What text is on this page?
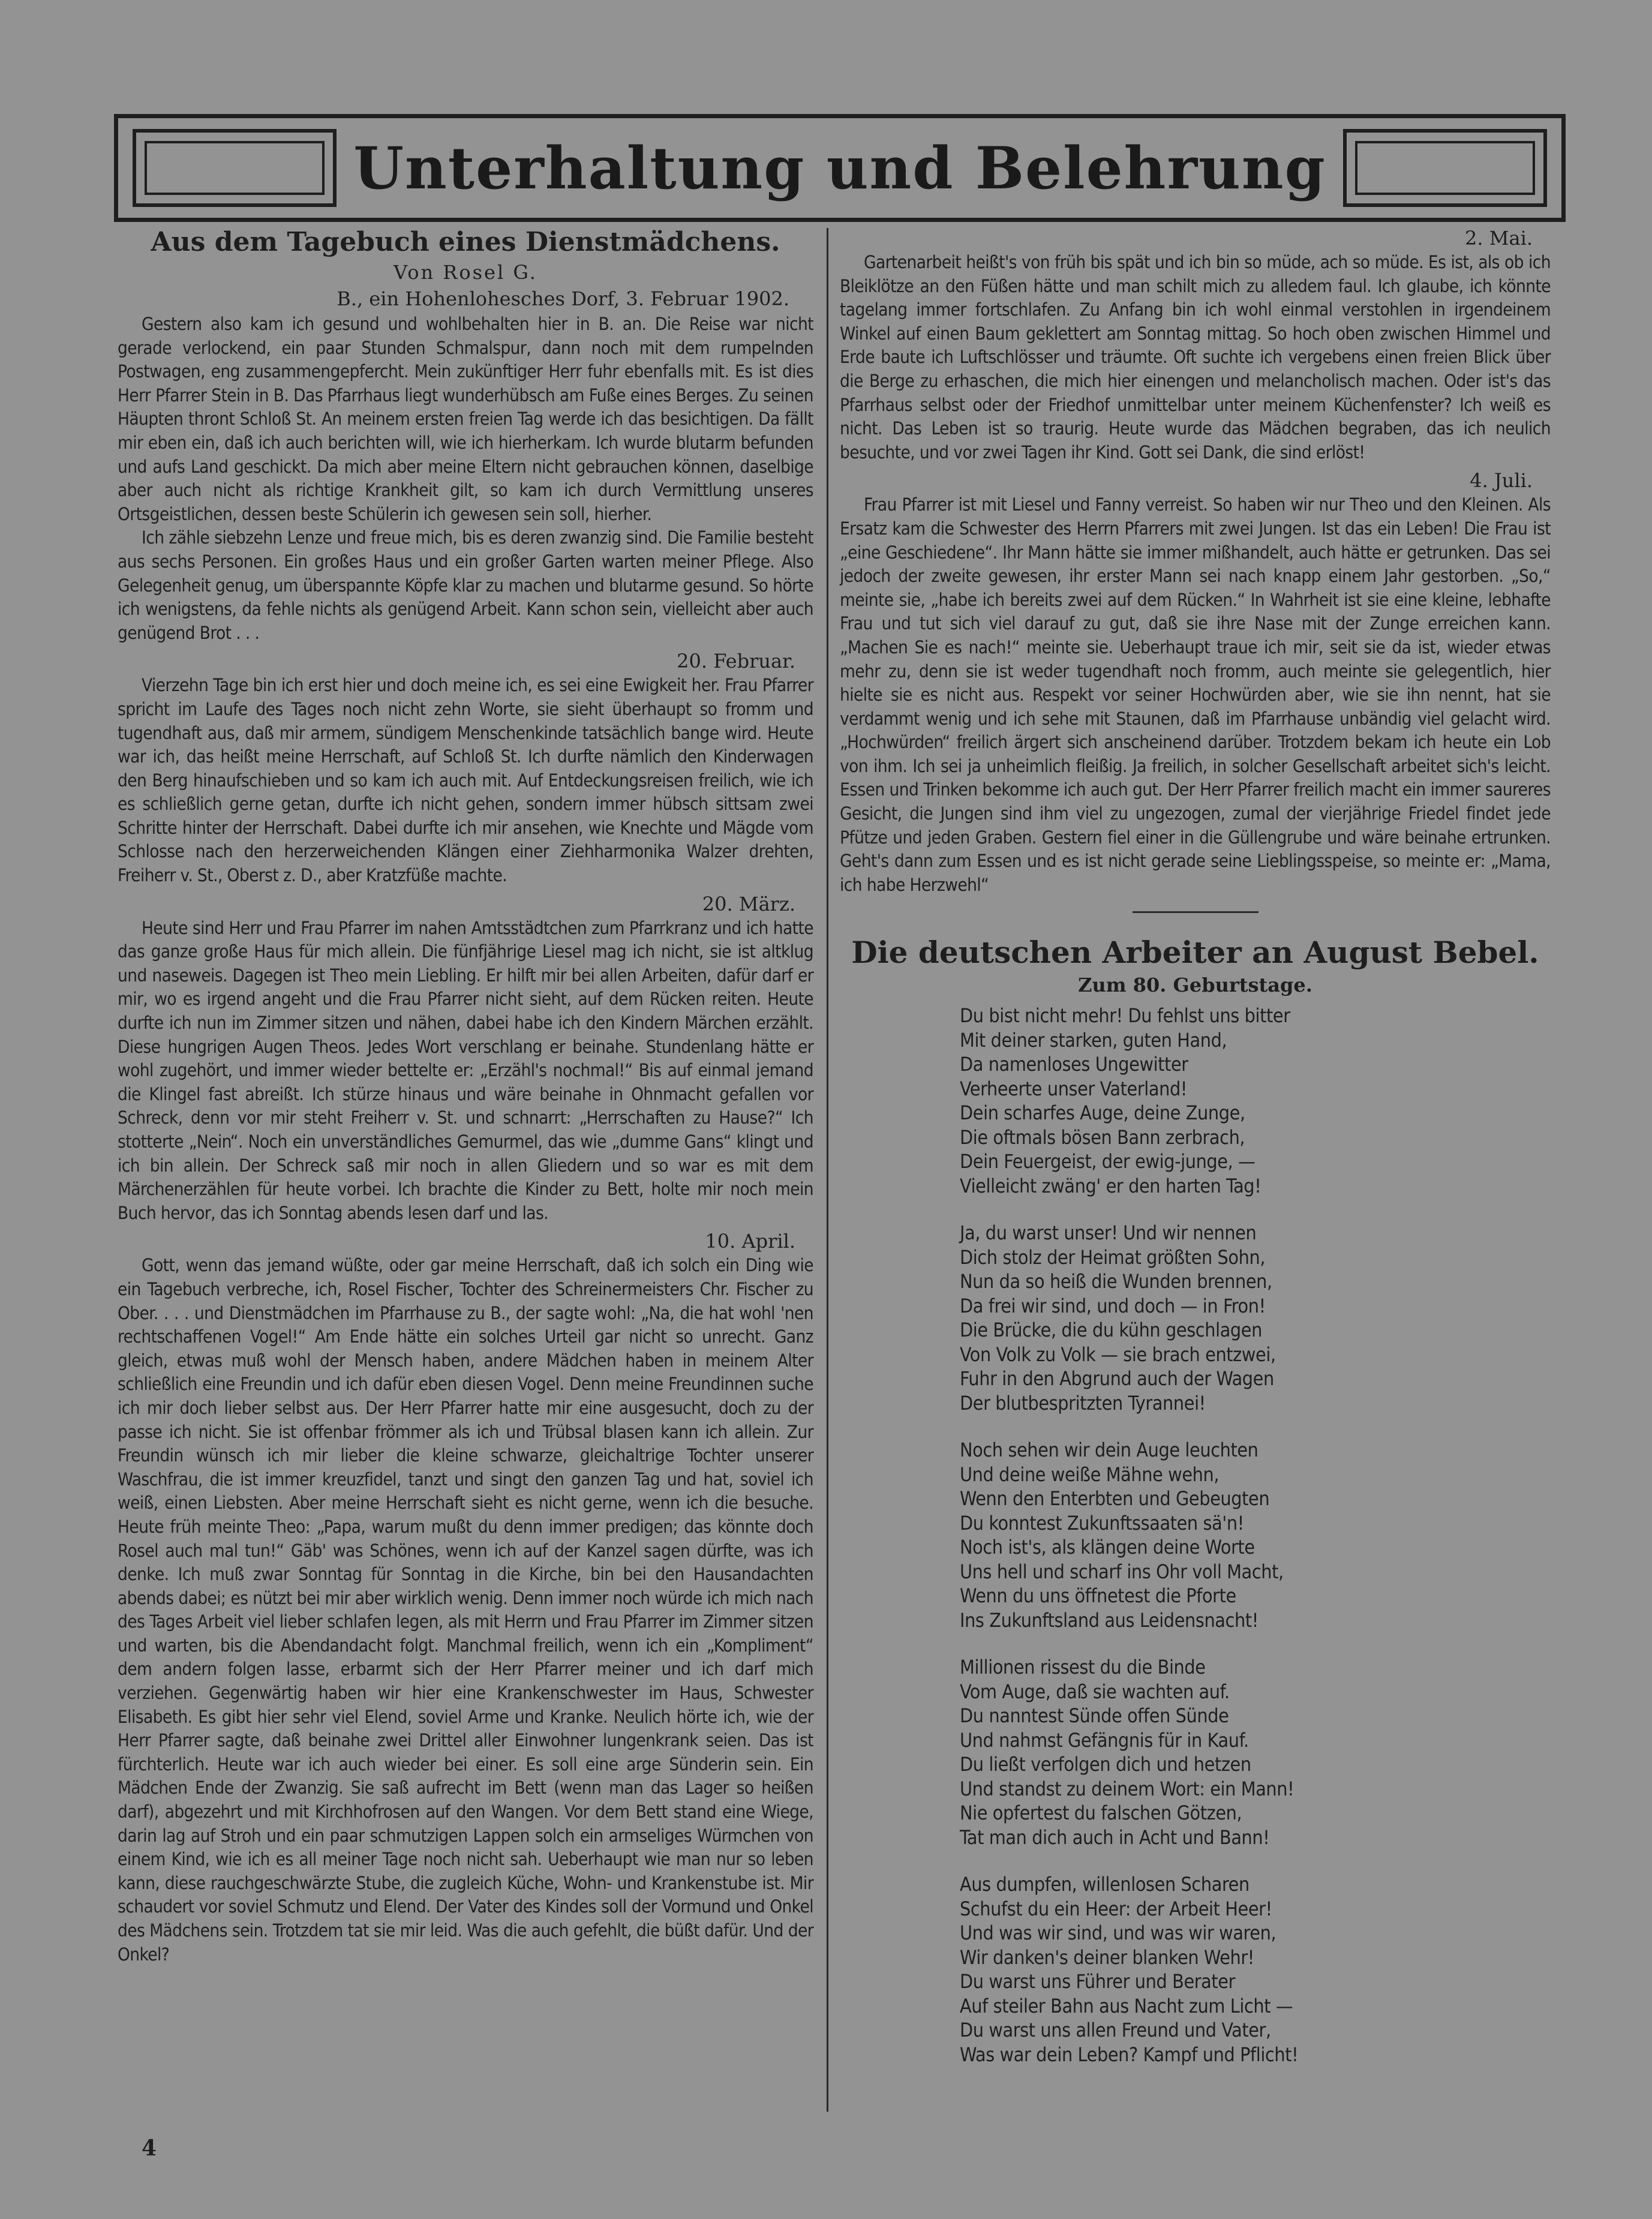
Unterhaltung und Belehrung
Aus dem Tagebuch eines Dienstmädchens.
Von Rosel G.
B., ein Hohenlohesches Dorf, 3. Februar 1902.

Gestern also kam ich gesund und wohlbehalten hier in B. an. Die Reise war nicht gerade verlockend, ein paar Stunden Schmalspur, dann noch mit dem rumpelnden Postwagen, eng zusammengepfercht. Mein zukünftiger Herr fuhr ebenfalls mit. Es ist dies Herr Pfarrer Stein in B. Das Pfarrhaus liegt wunderhübsch am Fuße eines Berges. Zu seinen Häupten thront Schloß St. An meinem ersten freien Tag werde ich das besichtigen. Da fällt mir eben ein, daß ich auch berichten will, wie ich hierherkam. Ich wurde blutarm befunden und aufs Land geschickt. Da mich aber meine Eltern nicht gebrauchen können, daselbige aber auch nicht als richtige Krankheit gilt, so kam ich durch Vermittlung unseres Ortsgeistlichen, dessen beste Schülerin ich gewesen sein soll, hierher.

Ich zähle siebzehn Lenze und freue mich, bis es deren zwanzig sind. Die Familie besteht aus sechs Personen. Ein großes Haus und ein großer Garten warten meiner Pflege. Also Gelegenheit genug, um überspannte Köpfe klar zu machen und blutarme gesund. So hörte ich wenigstens, da fehle nichts als genügend Arbeit. Kann schon sein, vielleicht aber auch genügend Brot . . .

20. Februar.

Vierzehn Tage bin ich erst hier und doch meine ich, es sei eine Ewigkeit her. Frau Pfarrer spricht im Laufe des Tages noch nicht zehn Worte, sie sieht überhaupt so fromm und tugendhaft aus, daß mir armem, sündigem Menschenkinde tatsächlich bange wird. Heute war ich, das heißt meine Herrschaft, auf Schloß St. Ich durfte nämlich den Kinderwagen den Berg hinaufschieben und so kam ich auch mit. Auf Entdeckungsreisen freilich, wie ich es schließlich gerne getan, durfte ich nicht gehen, sondern immer hübsch sittsam zwei Schritte hinter der Herrschaft. Dabei durfte ich mir ansehen, wie Knechte und Mägde vom Schlosse nach den herzerweichenden Klängen einer Ziehharmonika Walzer drehten, Freiherr v. St., Oberst z. D., aber Kratzfüße machte.

20. März.

Heute sind Herr und Frau Pfarrer im nahen Amtsstädtchen zum Pfarrkranz und ich hatte das ganze große Haus für mich allein. Die fünfjährige Liesel mag ich nicht, sie ist altklug und naseweis. Dagegen ist Theo mein Liebling. Er hilft mir bei allen Arbeiten, dafür darf er mir, wo es irgend angeht und die Frau Pfarrer nicht sieht, auf dem Rücken reiten. Heute durfte ich nun im Zimmer sitzen und nähen, dabei habe ich den Kindern Märchen erzählt. Diese hungrigen Augen Theos. Jedes Wort verschlang er beinahe. Stundenlang hätte er wohl zugehört, und immer wieder bettelte er: „Erzähl's nochmal!“ Bis auf einmal jemand die Klingel fast abreißt. Ich stürze hinaus und wäre beinahe in Ohnmacht gefallen vor Schreck, denn vor mir steht Freiherr v. St. und schnarrt: „Herrschaften zu Hause?“ Ich stotterte „Nein“. Noch ein unverständliches Gemurmel, das wie „dumme Gans“ klingt und ich bin allein. Der Schreck saß mir noch in allen Gliedern und so war es mit dem Märchenerzählen für heute vorbei. Ich brachte die Kinder zu Bett, holte mir noch mein Buch hervor, das ich Sonntag abends lesen darf und las.

10. April.

Gott, wenn das jemand wüßte, oder gar meine Herrschaft, daß ich solch ein Ding wie ein Tagebuch verbreche, ich, Rosel Fischer, Tochter des Schreinermeisters Chr. Fischer zu Ober. . . . und Dienstmädchen im Pfarrhause zu B., der sagte wohl: „Na, die hat wohl 'nen rechtschaffenen Vogel!“ Am Ende hätte ein solches Urteil gar nicht so unrecht. Ganz gleich, etwas muß wohl der Mensch haben, andere Mädchen haben in meinem Alter schließlich eine Freundin und ich dafür eben diesen Vogel. Denn meine Freundinnen suche ich mir doch lieber selbst aus. Der Herr Pfarrer hatte mir eine ausgesucht, doch zu der passe ich nicht. Sie ist offenbar frömmer als ich und Trübsal blasen kann ich allein. Zur Freundin wünsch ich mir lieber die kleine schwarze, gleichaltrige Tochter unserer Waschfrau, die ist immer kreuzfidel, tanzt und singt den ganzen Tag und hat, soviel ich weiß, einen Liebsten. Aber meine Herrschaft sieht es nicht gerne, wenn ich die besuche. Heute früh meinte Theo: „Papa, warum mußt du denn immer predigen; das könnte doch Rosel auch mal tun!“ Gäb' was Schönes, wenn ich auf der Kanzel sagen dürfte, was ich denke. Ich muß zwar Sonntag für Sonntag in die Kirche, bin bei den Hausandachten abends dabei; es nützt bei mir aber wirklich wenig. Denn immer noch würde ich mich nach des Tages Arbeit viel lieber schlafen legen, als mit Herrn und Frau Pfarrer im Zimmer sitzen und warten, bis die Abendandacht folgt. Manchmal freilich, wenn ich ein „Kompliment“ dem andern folgen lasse, erbarmt sich der Herr Pfarrer meiner und ich darf mich verziehen. Gegenwärtig haben wir hier eine Krankenschwester im Haus, Schwester Elisabeth. Es gibt hier sehr viel Elend, soviel Arme und Kranke. Neulich hörte ich, wie der Herr Pfarrer sagte, daß beinahe zwei Drittel aller Einwohner lungenkrank seien. Das ist fürchterlich. Heute war ich auch wieder bei einer. Es soll eine arge Sünderin sein. Ein Mädchen Ende der Zwanzig. Sie saß aufrecht im Bett (wenn man das Lager so heißen darf), abgezehrt und mit Kirchhofrosen auf den Wangen. Vor dem Bett stand eine Wiege, darin lag auf Stroh und ein paar schmutzigen Lappen solch ein armseliges Würmchen von einem Kind, wie ich es all meiner Tage noch nicht sah. Ueberhaupt wie man nur so leben kann, diese rauchgeschwärzte Stube, die zugleich Küche, Wohn- und Krankenstube ist. Mir schaudert vor soviel Schmutz und Elend. Der Vater des Kindes soll der Vormund und Onkel des Mädchens sein. Trotzdem tat sie mir leid. Was die auch gefehlt, die büßt dafür. Und der Onkel?

2. Mai.

Gartenarbeit heißt's von früh bis spät und ich bin so müde, ach so müde. Es ist, als ob ich Bleiklötze an den Füßen hätte und man schilt mich zu alledem faul. Ich glaube, ich könnte tagelang immer fortschlafen. Zu Anfang bin ich wohl einmal verstohlen in irgendeinem Winkel auf einen Baum geklettert am Sonntag mittag. So hoch oben zwischen Himmel und Erde baute ich Luftschlösser und träumte. Oft suchte ich vergebens einen freien Blick über die Berge zu erhaschen, die mich hier einengen und melancholisch machen. Oder ist's das Pfarrhaus selbst oder der Friedhof unmittelbar unter meinem Küchenfenster? Ich weiß es nicht. Das Leben ist so traurig. Heute wurde das Mädchen begraben, das ich neulich besuchte, und vor zwei Tagen ihr Kind. Gott sei Dank, die sind erlöst!

4. Juli.

Frau Pfarrer ist mit Liesel und Fanny verreist. So haben wir nur Theo und den Kleinen. Als Ersatz kam die Schwester des Herrn Pfarrers mit zwei Jungen. Ist das ein Leben! Die Frau ist „eine Geschiedene“. Ihr Mann hätte sie immer mißhandelt, auch hätte er getrunken. Das sei jedoch der zweite gewesen, ihr erster Mann sei nach knapp einem Jahr gestorben. „So,“ meinte sie, „habe ich bereits zwei auf dem Rücken.“ In Wahrheit ist sie eine kleine, lebhafte Frau und tut sich viel darauf zu gut, daß sie ihre Nase mit der Zunge erreichen kann. „Machen Sie es nach!“ meinte sie. Ueberhaupt traue ich mir, seit sie da ist, wieder etwas mehr zu, denn sie ist weder tugendhaft noch fromm, auch meinte sie gelegentlich, hier hielte sie es nicht aus. Respekt vor seiner Hochwürden aber, wie sie ihn nennt, hat sie verdammt wenig und ich sehe mit Staunen, daß im Pfarrhause unbändig viel gelacht wird. „Hochwürden“ freilich ärgert sich anscheinend darüber. Trotzdem bekam ich heute ein Lob von ihm. Ich sei ja unheimlich fleißig. Ja freilich, in solcher Gesellschaft arbeitet sich's leicht. Essen und Trinken bekomme ich auch gut. Der Herr Pfarrer freilich macht ein immer saureres Gesicht, die Jungen sind ihm viel zu ungezogen, zumal der vierjährige Friedel findet jede Pfütze und jeden Graben. Gestern fiel einer in die Güllengrube und wäre beinahe ertrunken. Geht's dann zum Essen und es ist nicht gerade seine Lieblingsspeise, so meinte er: „Mama, ich habe Herzwehl“

Die deutschen Arbeiter an August Bebel.
Zum 80. Geburtstage.
Du bist nicht mehr! Du fehlst uns bitter
Mit deiner starken, guten Hand,
Da namenloses Ungewitter
Verheerte unser Vaterland!
Dein scharfes Auge, deine Zunge,
Die oftmals bösen Bann zerbrach,
Dein Feuergeist, der ewig-junge, —
Vielleicht zwäng' er den harten Tag!
Ja, du warst unser! Und wir nennen
Dich stolz der Heimat größten Sohn,
Nun da so heiß die Wunden brennen,
Da frei wir sind, und doch — in Fron!
Die Brücke, die du kühn geschlagen
Von Volk zu Volk — sie brach entzwei,
Fuhr in den Abgrund auch der Wagen
Der blutbespritzten Tyrannei!
Noch sehen wir dein Auge leuchten
Und deine weiße Mähne wehn,
Wenn den Enterbten und Gebeugten
Du konntest Zukunftssaaten sä'n!
Noch ist's, als klängen deine Worte
Uns hell und scharf ins Ohr voll Macht,
Wenn du uns öffnetest die Pforte
Ins Zukunftsland aus Leidensnacht!
Millionen rissest du die Binde
Vom Auge, daß sie wachten auf.
Du nanntest Sünde offen Sünde
Und nahmst Gefängnis für in Kauf.
Du ließt verfolgen dich und hetzen
Und standst zu deinem Wort: ein Mann!
Nie opfertest du falschen Götzen,
Tat man dich auch in Acht und Bann!
Aus dumpfen, willenlosen Scharen
Schufst du ein Heer: der Arbeit Heer!
Und was wir sind, und was wir waren,
Wir danken's deiner blanken Wehr!
Du warst uns Führer und Berater
Auf steiler Bahn aus Nacht zum Licht —
Du warst uns allen Freund und Vater,
Was war dein Leben? Kampf und Pflicht!
4
